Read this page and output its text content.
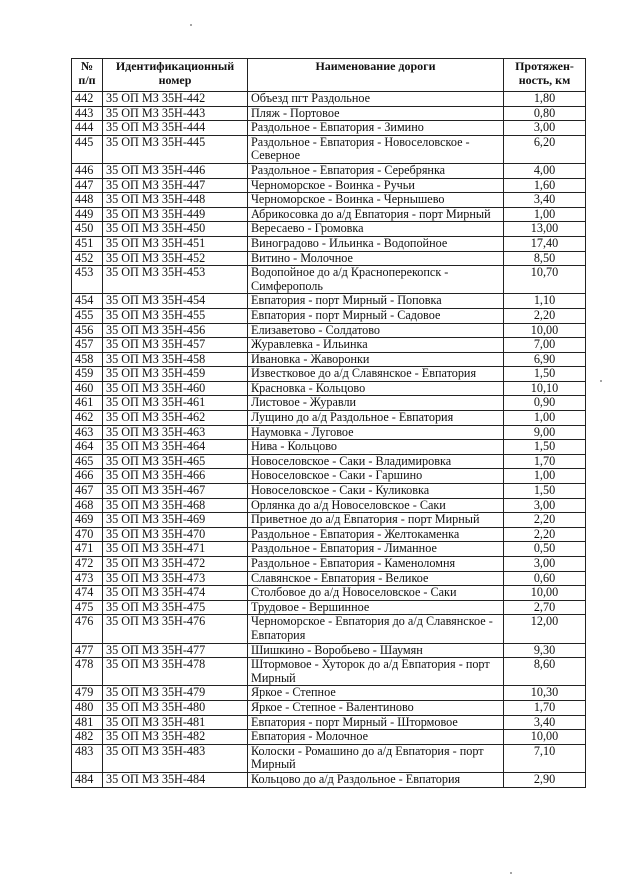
№ п/п	Идентификационный номер	Наименование дороги	Протяжен-ность, км
442	35 ОП МЗ 35Н-442	Объезд пгт Раздольное	1,80
443	35 ОП МЗ 35Н-443	Пляж - Портовое	0,80
444	35 ОП МЗ 35Н-444	Раздольное - Евпатория - Зимино	3,00
445	35 ОП МЗ 35Н-445	Раздольное - Евпатория - Новоселовское - Северное	6,20
446	35 ОП МЗ 35Н-446	Раздольное - Евпатория - Серебрянка	4,00
447	35 ОП МЗ 35Н-447	Черноморское - Воинка - Ручьи	1,60
448	35 ОП МЗ 35Н-448	Черноморское - Воинка - Чернышево	3,40
449	35 ОП МЗ 35Н-449	Абрикосовка до а/д Евпатория - порт Мирный	1,00
450	35 ОП МЗ 35Н-450	Вересаево - Громовка	13,00
451	35 ОП МЗ 35Н-451	Виноградово - Ильинка - Водопойное	17,40
452	35 ОП МЗ 35Н-452	Витино - Молочное	8,50
453	35 ОП МЗ 35Н-453	Водопойное до а/д Красноперекопск - Симферополь	10,70
454	35 ОП МЗ 35Н-454	Евпатория - порт Мирный - Поповка	1,10
455	35 ОП МЗ 35Н-455	Евпатория - порт Мирный - Садовое	2,20
456	35 ОП МЗ 35Н-456	Елизаветово - Солдатово	10,00
457	35 ОП МЗ 35Н-457	Журавлевка - Ильинка	7,00
458	35 ОП МЗ 35Н-458	Ивановка - Жаворонки	6,90
459	35 ОП МЗ 35Н-459	Известковое до а/д Славянское - Евпатория	1,50
460	35 ОП МЗ 35Н-460	Красновка - Кольцово	10,10
461	35 ОП МЗ 35Н-461	Листовое - Журавли	0,90
462	35 ОП МЗ 35Н-462	Лущино до а/д Раздольное - Евпатория	1,00
463	35 ОП МЗ 35Н-463	Наумовка - Луговое	9,00
464	35 ОП МЗ 35Н-464	Нива - Кольцово	1,50
465	35 ОП МЗ 35Н-465	Новоселовское - Саки - Владимировка	1,70
466	35 ОП МЗ 35Н-466	Новоселовское - Саки - Гаршино	1,00
467	35 ОП МЗ 35Н-467	Новоселовское - Саки - Куликовка	1,50
468	35 ОП МЗ 35Н-468	Орлянка до а/д Новоселовское - Саки	3,00
469	35 ОП МЗ 35Н-469	Приветное до а/д Евпатория - порт Мирный	2,20
470	35 ОП МЗ 35Н-470	Раздольное - Евпатория - Желтокаменка	2,20
471	35 ОП МЗ 35Н-471	Раздольное - Евпатория - Лиманное	0,50
472	35 ОП МЗ 35Н-472	Раздольное - Евпатория - Каменоломня	3,00
473	35 ОП МЗ 35Н-473	Славянское - Евпатория - Великое	0,60
474	35 ОП МЗ 35Н-474	Столбовое до а/д Новоселовское - Саки	10,00
475	35 ОП МЗ 35Н-475	Трудовое - Вершинное	2,70
476	35 ОП МЗ 35Н-476	Черноморское - Евпатория до а/д Славянское - Евпатория	12,00
477	35 ОП МЗ 35Н-477	Шишкино - Воробьево - Шаумян	9,30
478	35 ОП МЗ 35Н-478	Штормовое - Хуторок до а/д Евпатория - порт Мирный	8,60
479	35 ОП МЗ 35Н-479	Яркое - Степное	10,30
480	35 ОП МЗ 35Н-480	Яркое - Степное - Валентиново	1,70
481	35 ОП МЗ 35Н-481	Евпатория - порт Мирный - Штормовое	3,40
482	35 ОП МЗ 35Н-482	Евпатория - Молочное	10,00
483	35 ОП МЗ 35Н-483	Колоски - Ромашино до а/д Евпатория - порт Мирный	7,10
484	35 ОП МЗ 35Н-484	Кольцово до а/д Раздольное - Евпатория	2,90
